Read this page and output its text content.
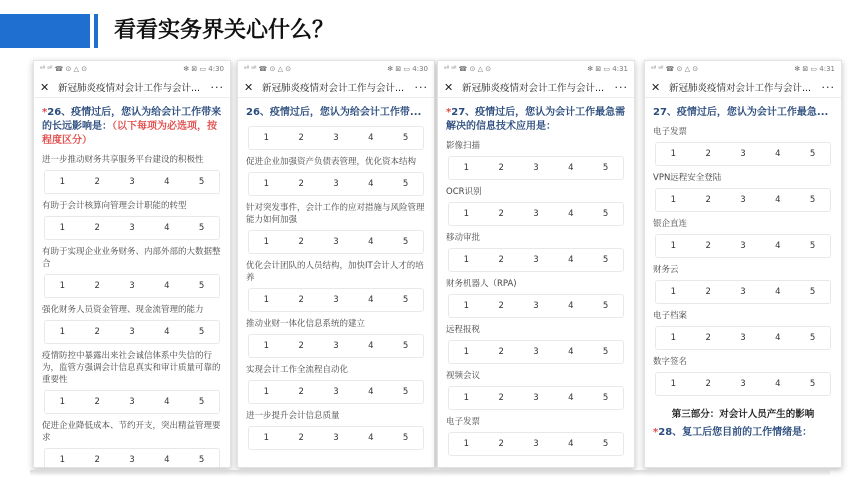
看看实务界关心什么？
ᵃˡˡ ᵃˡˡ ☎ ⊙ △ ⊙	✻ ⊠ ▭ 4:30
✕ 新冠肺炎疫情对会计工作与会计... ···
*26、疫情过后，您认为给会计工作带来的长远影响是：（以下每项为必选项，按程度区分）
进一步推动财务共享服务平台建设的积极性
1	2	3	4	5
有助于会计核算向管理会计职能的转型
1	2	3	4	5
有助于实现企业业务财务、内部外部的大数据整合
1	2	3	4	5
强化财务人员资金管理、现金流管理的能力
1	2	3	4	5
疫情防控中暴露出来社会诚信体系中失信的行为，监管方强调会计信息真实和审计质量可靠的重要性
1	2	3	4	5
促进企业降低成本、节约开支，突出精益管理要求
1	2	3	4	5
ᵃˡˡ ᵃˡˡ ☎ ⊙ △ ⊙	✻ ⊠ ▭ 4:30
✕ 新冠肺炎疫情对会计工作与会计... ···
26、疫情过后，您认为给会计工作带...
1	2	3	4	5
促进企业加强资产负债表管理，优化资本结构
1	2	3	4	5
针对突发事件，会计工作的应对措施与风险管理能力如何加强
1	2	3	4	5
优化会计团队的人员结构，加快IT会计人才的培养
1	2	3	4	5
推动业财一体化信息系统的建立
1	2	3	4	5
实现会计工作全流程自动化
1	2	3	4	5
进一步提升会计信息质量
1	2	3	4	5
ᵃˡˡ ᵃˡˡ ☎ ⊙ △ ⊙	✻ ⊠ ▭ 4:31
✕ 新冠肺炎疫情对会计工作与会计... ···
*27、疫情过后，您认为会计工作最急需解决的信息技术应用是：
影像扫描
1	2	3	4	5
OCR识别
1	2	3	4	5
移动审批
1	2	3	4	5
财务机器人（RPA)
1	2	3	4	5
远程报税
1	2	3	4	5
视频会议
1	2	3	4	5
电子发票
1	2	3	4	5
ᵃˡˡ ᵃˡˡ ☎ ⊙ △ ⊙	✻ ⊠ ▭ 4:31
✕ 新冠肺炎疫情对会计工作与会计... ···
27、疫情过后，您认为会计工作最急...
电子发票
1	2	3	4	5
VPN远程安全登陆
1	2	3	4	5
银企直连
1	2	3	4	5
财务云
1	2	3	4	5
电子档案
1	2	3	4	5
数字签名
1	2	3	4	5
第三部分：对会计人员产生的影响
*28、复工后您目前的工作情绪是：
